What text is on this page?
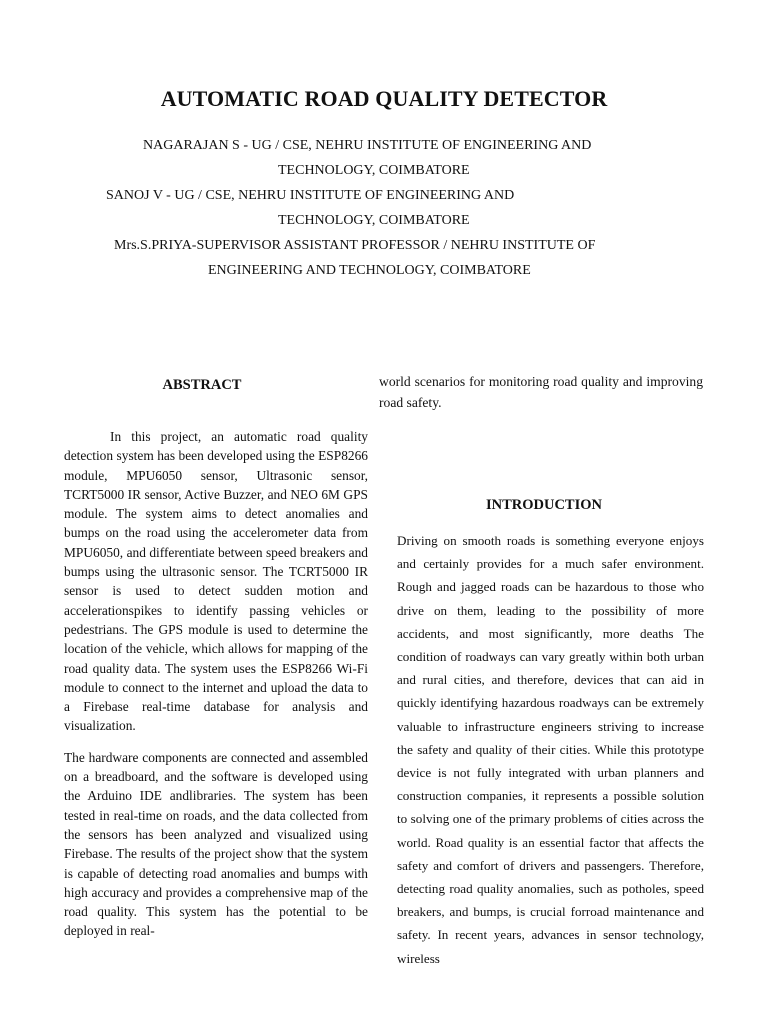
AUTOMATIC ROAD QUALITY DETECTOR
NAGARAJAN S - UG / CSE, NEHRU INSTITUTE OF ENGINEERING AND
TECHNOLOGY, COIMBATORE
SANOJ V - UG / CSE, NEHRU INSTITUTE OF ENGINEERING AND
TECHNOLOGY, COIMBATORE
Mrs.S.PRIYA-SUPERVISOR ASSISTANT PROFESSOR / NEHRU INSTITUTE OF
ENGINEERING AND TECHNOLOGY, COIMBATORE
ABSTRACT

In this project, an automatic road quality detection system has been developed using the ESP8266 module, MPU6050 sensor, Ultrasonic sensor, TCRT5000 IR sensor, Active Buzzer, and NEO 6M GPS module. The system aims to detect anomalies and bumps on the road using the accelerometer data from MPU6050, and differentiate between speed breakers and bumps using the ultrasonic sensor. The TCRT5000 IR sensor is used to detect sudden motion and accelerationspikes to identify passing vehicles or pedestrians. The GPS module is used to determine the location of the vehicle, which allows for mapping of the road quality data. The system uses the ESP8266 Wi-Fi module to connect to the internet and upload the data to a Firebase real-time database for analysis and visualization.

The hardware components are connected and assembled on a breadboard, and the software is developed using the Arduino IDE andlibraries. The system has been tested in real-time on roads, and the data collected from the sensors has been analyzed and visualized using Firebase. The results of the project show that the system is capable of detecting road anomalies and bumps with high accuracy and provides a comprehensive map of the road quality. This system has the potential to be deployed in real-

world scenarios for monitoring road quality and improving road safety.

INTRODUCTION

Driving on smooth roads is something everyone enjoys and certainly provides for a much safer environment. Rough and jagged roads can be hazardous to those who drive on them, leading to the possibility of more accidents, and most significantly, more deaths The condition of roadways can vary greatly within both urban and rural cities, and therefore, devices that can aid in quickly identifying hazardous roadways can be extremely valuable to infrastructure engineers striving to increase the safety and quality of their cities. While this prototype device is not fully integrated with urban planners and construction companies, it represents a possible solution to solving one of the primary problems of cities across the world. Road quality is an essential factor that affects the safety and comfort of drivers and passengers. Therefore, detecting road quality anomalies, such as potholes, speed breakers, and bumps, is crucial forroad maintenance and safety. In recent years, advances in sensor technology, wireless
